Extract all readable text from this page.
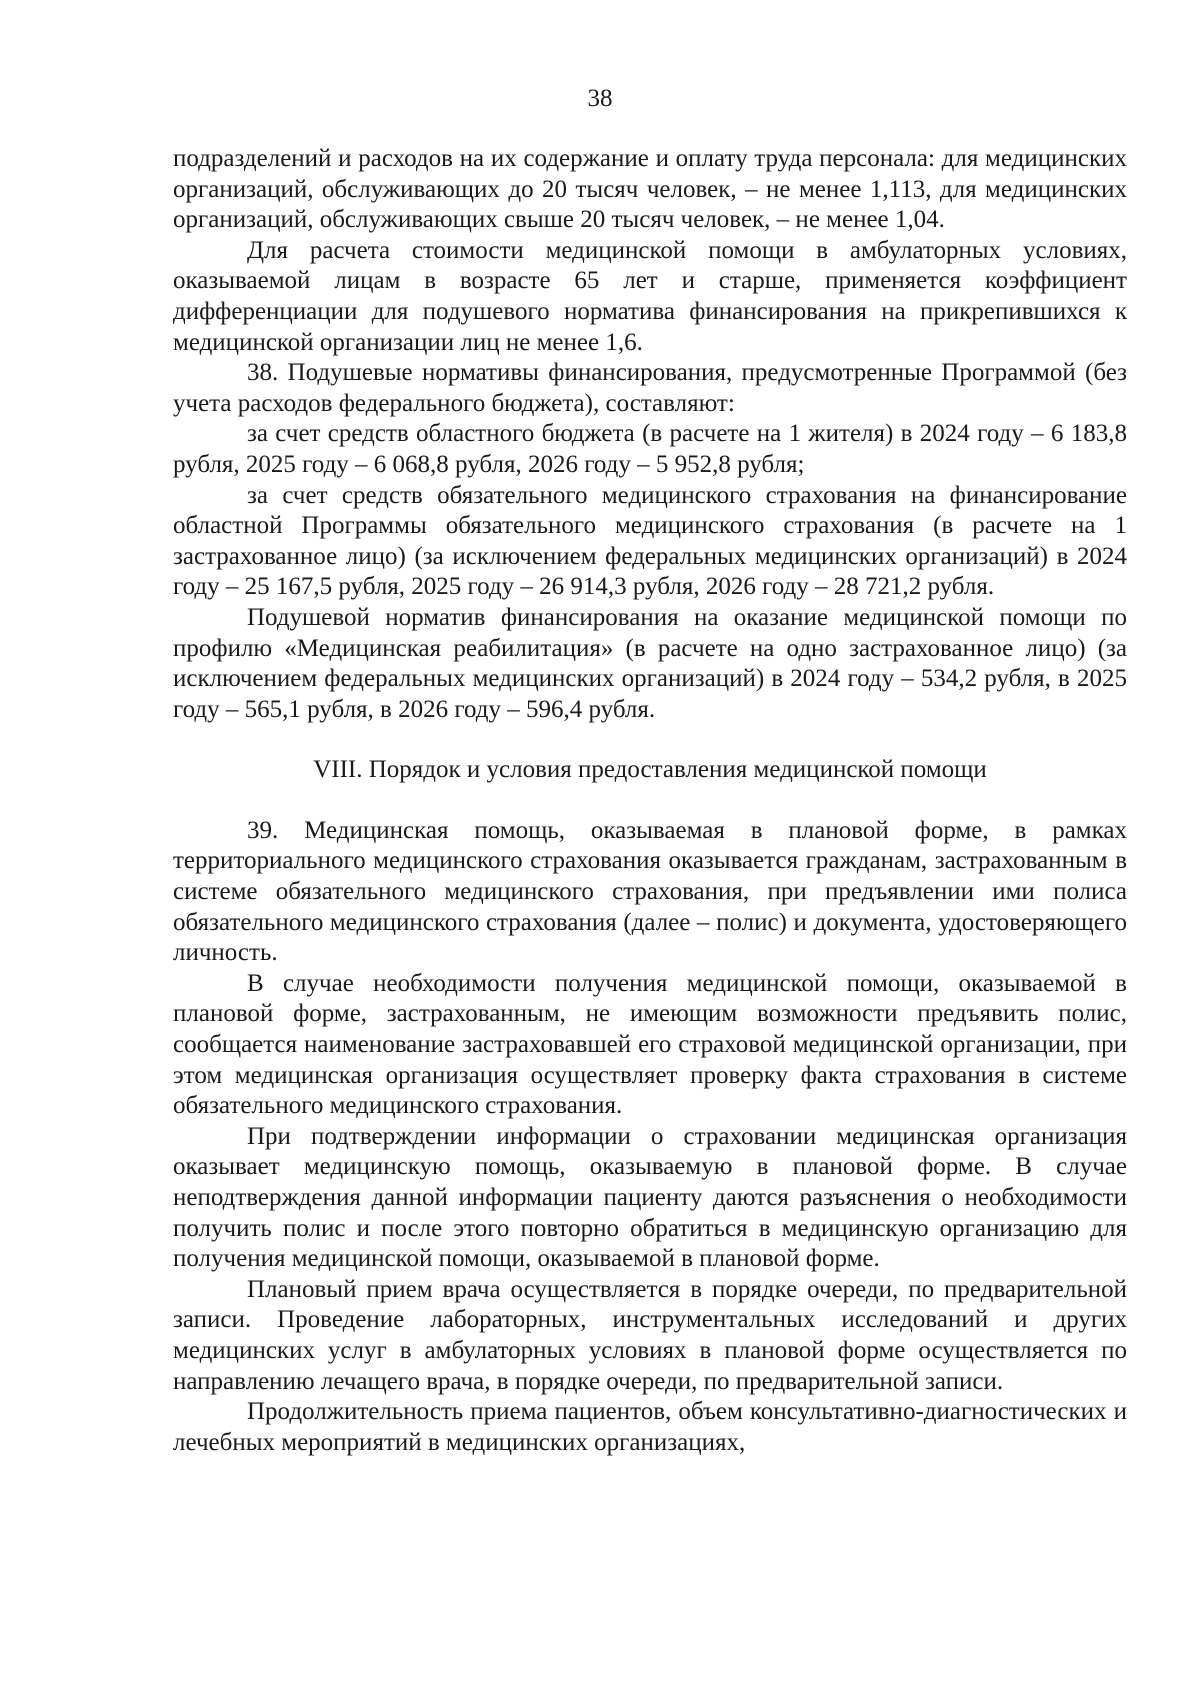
38

подразделений и расходов на их содержание и оплату труда персонала: для медицинских организаций, обслуживающих до 20 тысяч человек, – не менее 1,113, для медицинских организаций, обслуживающих свыше 20 тысяч человек, – не менее 1,04.

Для расчета стоимости медицинской помощи в амбулаторных условиях, оказываемой лицам в возрасте 65 лет и старше, применяется коэффициент дифференциации для подушевого норматива финансирования на прикрепившихся к медицинской организации лиц не менее 1,6.

38. Подушевые нормативы финансирования, предусмотренные Программой (без учета расходов федерального бюджета), составляют:

за счет средств областного бюджета (в расчете на 1 жителя) в 2024 году – 6 183,8 рубля, 2025 году – 6 068,8 рубля, 2026 году – 5 952,8 рубля;

за счет средств обязательного медицинского страхования на финансирование областной Программы обязательного медицинского страхования (в расчете на 1 застрахованное лицо) (за исключением федеральных медицинских организаций) в 2024 году – 25 167,5 рубля, 2025 году – 26 914,3 рубля, 2026 году – 28 721,2 рубля.

Подушевой норматив финансирования на оказание медицинской помощи по профилю «Медицинская реабилитация» (в расчете на одно застрахованное лицо) (за исключением федеральных медицинских организаций) в 2024 году – 534,2 рубля, в 2025 году – 565,1 рубля, в 2026 году – 596,4 рубля.

VIII. Порядок и условия предоставления медицинской помощи

39. Медицинская помощь, оказываемая в плановой форме, в рамках территориального медицинского страхования оказывается гражданам, застрахованным в системе обязательного медицинского страхования, при предъявлении ими полиса обязательного медицинского страхования (далее – полис) и документа, удостоверяющего личность.

В случае необходимости получения медицинской помощи, оказываемой в плановой форме, застрахованным, не имеющим возможности предъявить полис, сообщается наименование застраховавшей его страховой медицинской организации, при этом медицинская организация осуществляет проверку факта страхования в системе обязательного медицинского страхования.

При подтверждении информации о страховании медицинская организация оказывает медицинскую помощь, оказываемую в плановой форме. В случае неподтверждения данной информации пациенту даются разъяснения о необходимости получить полис и после этого повторно обратиться в медицинскую организацию для получения медицинской помощи, оказываемой в плановой форме.

Плановый прием врача осуществляется в порядке очереди, по предварительной записи. Проведение лабораторных, инструментальных исследований и других медицинских услуг в амбулаторных условиях в плановой форме осуществляется по направлению лечащего врача, в порядке очереди, по предварительной записи.

Продолжительность приема пациентов, объем консультативно-диагностических и лечебных мероприятий в медицинских организациях,
